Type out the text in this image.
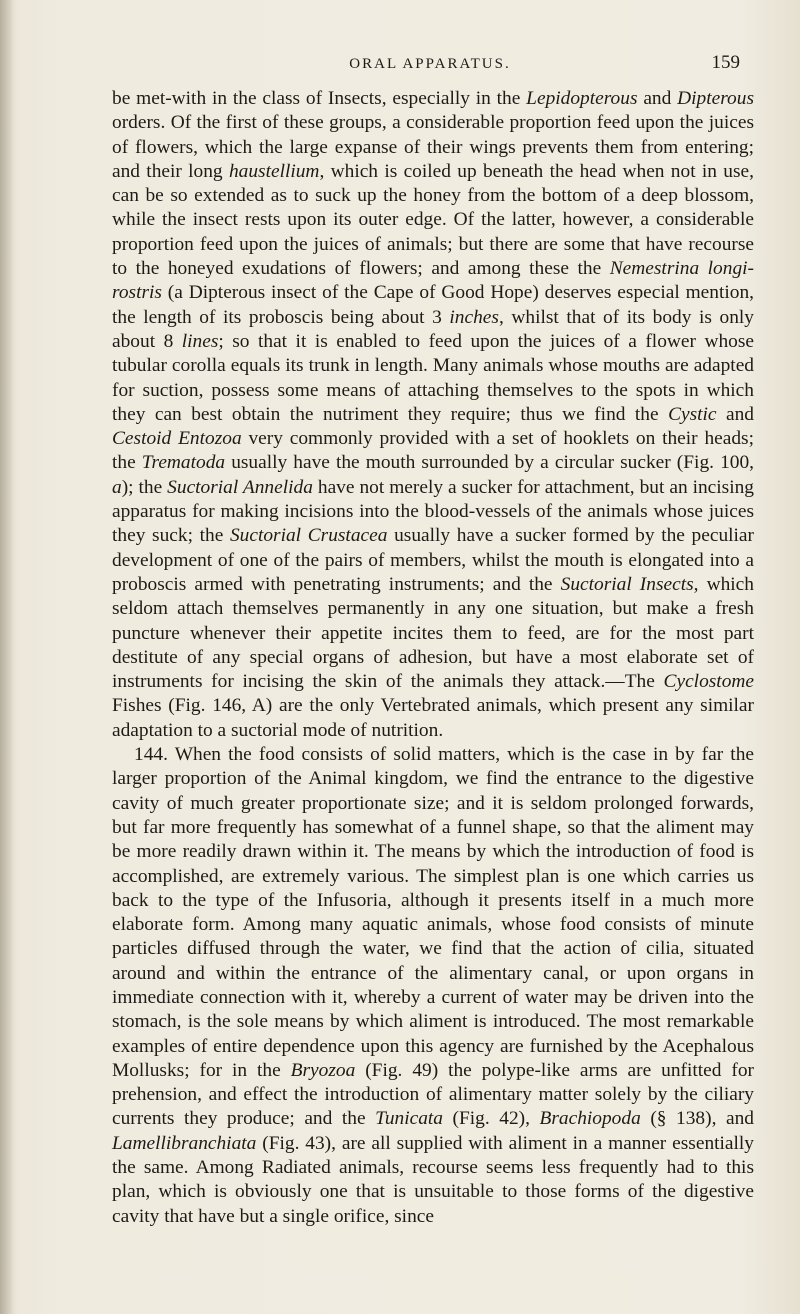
ORAL APPARATUS.	159

be met-with in the class of Insects, especially in the Lepidopterous and Dipterous orders. Of the first of these groups, a considerable proportion feed upon the juices of flowers, which the large expanse of their wings prevents them from entering; and their long haustellium, which is coiled up beneath the head when not in use, can be so extended as to suck up the honey from the bottom of a deep blossom, while the insect rests upon its outer edge. Of the latter, however, a considerable proportion feed upon the juices of animals; but there are some that have recourse to the honeyed exudations of flowers; and among these the Nemestrina longi-rostris (a Dipterous insect of the Cape of Good Hope) deserves especial mention, the length of its proboscis being about 3 inches, whilst that of its body is only about 8 lines; so that it is enabled to feed upon the juices of a flower whose tubular corolla equals its trunk in length. Many animals whose mouths are adapted for suction, possess some means of attaching themselves to the spots in which they can best obtain the nutriment they require; thus we find the Cystic and Cestoid Entozoa very commonly provided with a set of hooklets on their heads; the Trematoda usually have the mouth surrounded by a circular sucker (Fig. 100, a); the Suctorial Annelida have not merely a sucker for attachment, but an incising apparatus for making incisions into the blood-vessels of the animals whose juices they suck; the Suctorial Crustacea usually have a sucker formed by the peculiar development of one of the pairs of members, whilst the mouth is elongated into a proboscis armed with penetrating instruments; and the Suctorial Insects, which seldom attach themselves permanently in any one situation, but make a fresh puncture whenever their appetite incites them to feed, are for the most part destitute of any special organs of adhesion, but have a most elaborate set of instruments for incising the skin of the animals they attack.—The Cyclostome Fishes (Fig. 146, A) are the only Vertebrated animals, which present any similar adaptation to a suctorial mode of nutrition.

144. When the food consists of solid matters, which is the case in by far the larger proportion of the Animal kingdom, we find the entrance to the digestive cavity of much greater proportionate size; and it is seldom prolonged forwards, but far more frequently has somewhat of a funnel shape, so that the aliment may be more readily drawn within it. The means by which the introduction of food is accomplished, are extremely various. The simplest plan is one which carries us back to the type of the Infusoria, although it presents itself in a much more elaborate form. Among many aquatic animals, whose food consists of minute particles diffused through the water, we find that the action of cilia, situated around and within the entrance of the alimentary canal, or upon organs in immediate connection with it, whereby a current of water may be driven into the stomach, is the sole means by which aliment is introduced. The most remarkable examples of entire dependence upon this agency are furnished by the Acephalous Mollusks; for in the Bryozoa (Fig. 49) the polype-like arms are unfitted for prehension, and effect the introduction of alimentary matter solely by the ciliary currents they produce; and the Tunicata (Fig. 42), Brachiopoda (§ 138), and Lamellibranchiata (Fig. 43), are all supplied with aliment in a manner essentially the same. Among Radiated animals, recourse seems less frequently had to this plan, which is obviously one that is unsuitable to those forms of the digestive cavity that have but a single orifice, since
